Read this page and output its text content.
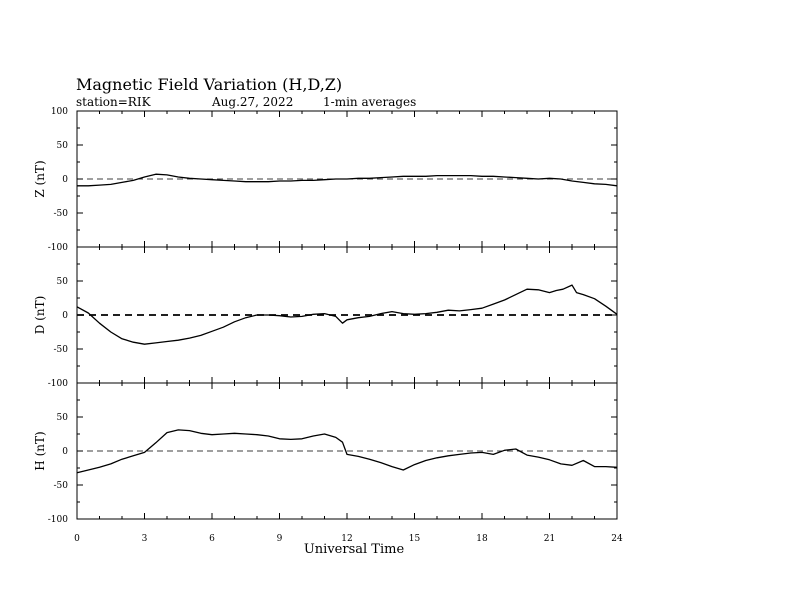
Magnetic Field Variation (H,D,Z)
station=RIK	Aug.27, 2022 1-min averages
-100
-50
0
50
100
Z (nT)
-100
-50
0
50
D (nT)
-100
-50
0
50
H (nT)
0	3	6	9	12	15	18	21	24
Universal Time
